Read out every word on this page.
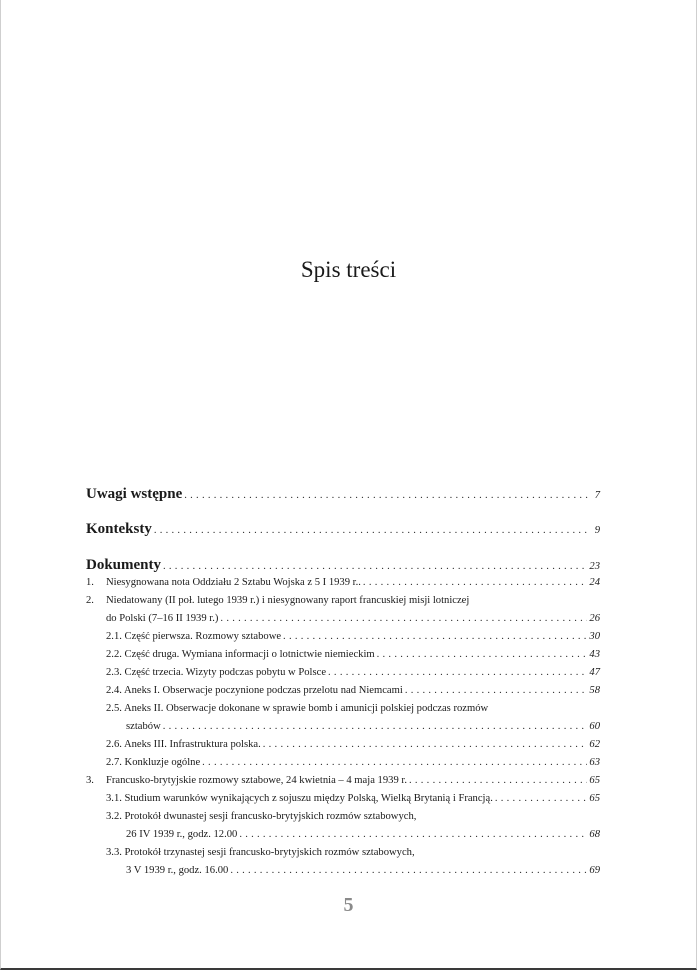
Spis treści
Uwagi wstępne . . .	7
Konteksty . . .	9
Dokumenty . . .	23
1.	Niesygnowana nota Oddziału 2 Sztabu Wojska z 5 I 1939 r.. . . .	24
2. Niedatowany (II poł. lutego 1939 r.) i niesygnowany raport francuskiej misji lotniczej
do Polski (7–16 II 1939 r.) . . .	26
2.1. Część pierwsza. Rozmowy sztabowe . . .	30
2.2. Część druga. Wymiana informacji o lotnictwie niemieckim . . .	43
2.3. Część trzecia. Wizyty podczas pobytu w Polsce . . .	47
2.4. Aneks I. Obserwacje poczynione podczas przelotu nad Niemcami . . .	58
2.5. Aneks II. Obserwacje dokonane w sprawie bomb i amunicji polskiej podczas rozmów
sztabów . . .	60
2.6. Aneks III. Infrastruktura polska. . . .	62
2.7. Konkluzje ogólne . . .	63
3.	Francusko-brytyjskie rozmowy sztabowe, 24 kwietnia – 4 maja 1939 r. . . .	65
3.1. Studium warunków wynikających z sojuszu między Polską, Wielką Brytanią i Francją. . . .	65
3.2. Protokół dwunastej sesji francusko-brytyjskich rozmów sztabowych,
26 IV 1939 r., godz. 12.00 . . .	68
3.3. Protokół trzynastej sesji francusko-brytyjskich rozmów sztabowych,
3 V 1939 r., godz. 16.00 . . .	69
5
